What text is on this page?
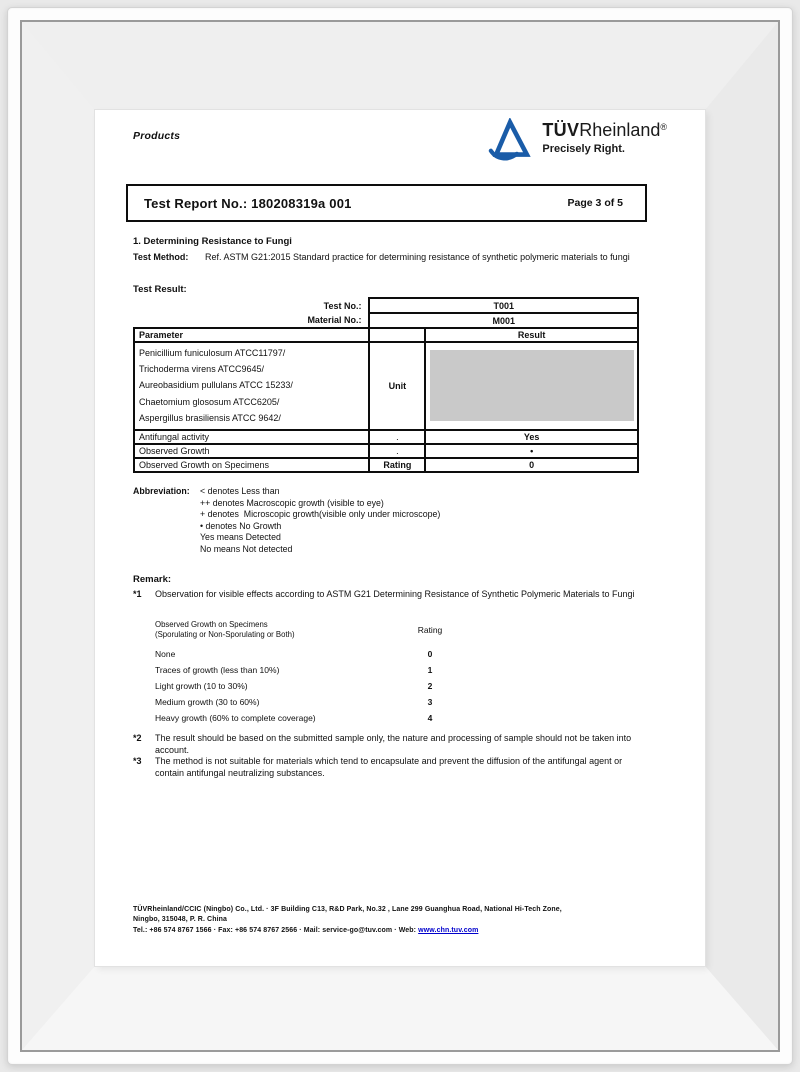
Products	TÜVRheinland®
Precisely Right.
Test Report No.: 180208319a 001	Page 3 of 5
1. Determining Resistance to Fungi
Test Method:	Ref. ASTM G21:2015 Standard practice for determining resistance of synthetic polymeric materials to fungi
Test Result:
Test No.:	T001	
Material No.:	M001	
Parameter		Result

Penicillium funiculosum ATCC11797/
Trichoderma virens ATCC9645/
Aureobasidium pullulans ATCC 15233/
Chaetomium glososum ATCC6205/
Aspergillus brasiliensis ATCC 9642/	Unit	

Antifungal activity	.	Yes
Observed Growth	.	•
Observed Growth on Specimens	Rating	0
Abbreviation:	< denotes Less than
++ denotes Macroscopic growth (visible to eye)
+ denotes  Microscopic growth(visible only under microscope)
• denotes No Growth
Yes means Detected
No means Not detected
Remark:
*1	Observation for visible effects according to ASTM G21 Determining Resistance of Synthetic Polymeric Materials to Fungi
Observed Growth on Specimens
(Sporulating or Non-Sporulating or Both)	Rating
None	0
Traces of growth (less than 10%)	1
Light growth (10 to 30%)	2
Medium growth (30 to 60%)	3
Heavy growth (60% to complete coverage)	4
*2	The result should be based on the submitted sample only, the nature and processing of sample should not be taken into account.
*3	The method is not suitable for materials which tend to encapsulate and prevent the diffusion of the antifungal agent or contain antifungal neutralizing substances.
TÜVRheinland/CCIC (Ningbo) Co., Ltd. · 3F Building C13, R&D Park, No.32 , Lane 299 Guanghua Road, National Hi-Tech Zone,
Ningbo, 315048, P. R. China
Tel.: +86 574 8767 1566 · Fax: +86 574 8767 2566 · Mail: service-go@tuv.com · Web: www.chn.tuv.com
